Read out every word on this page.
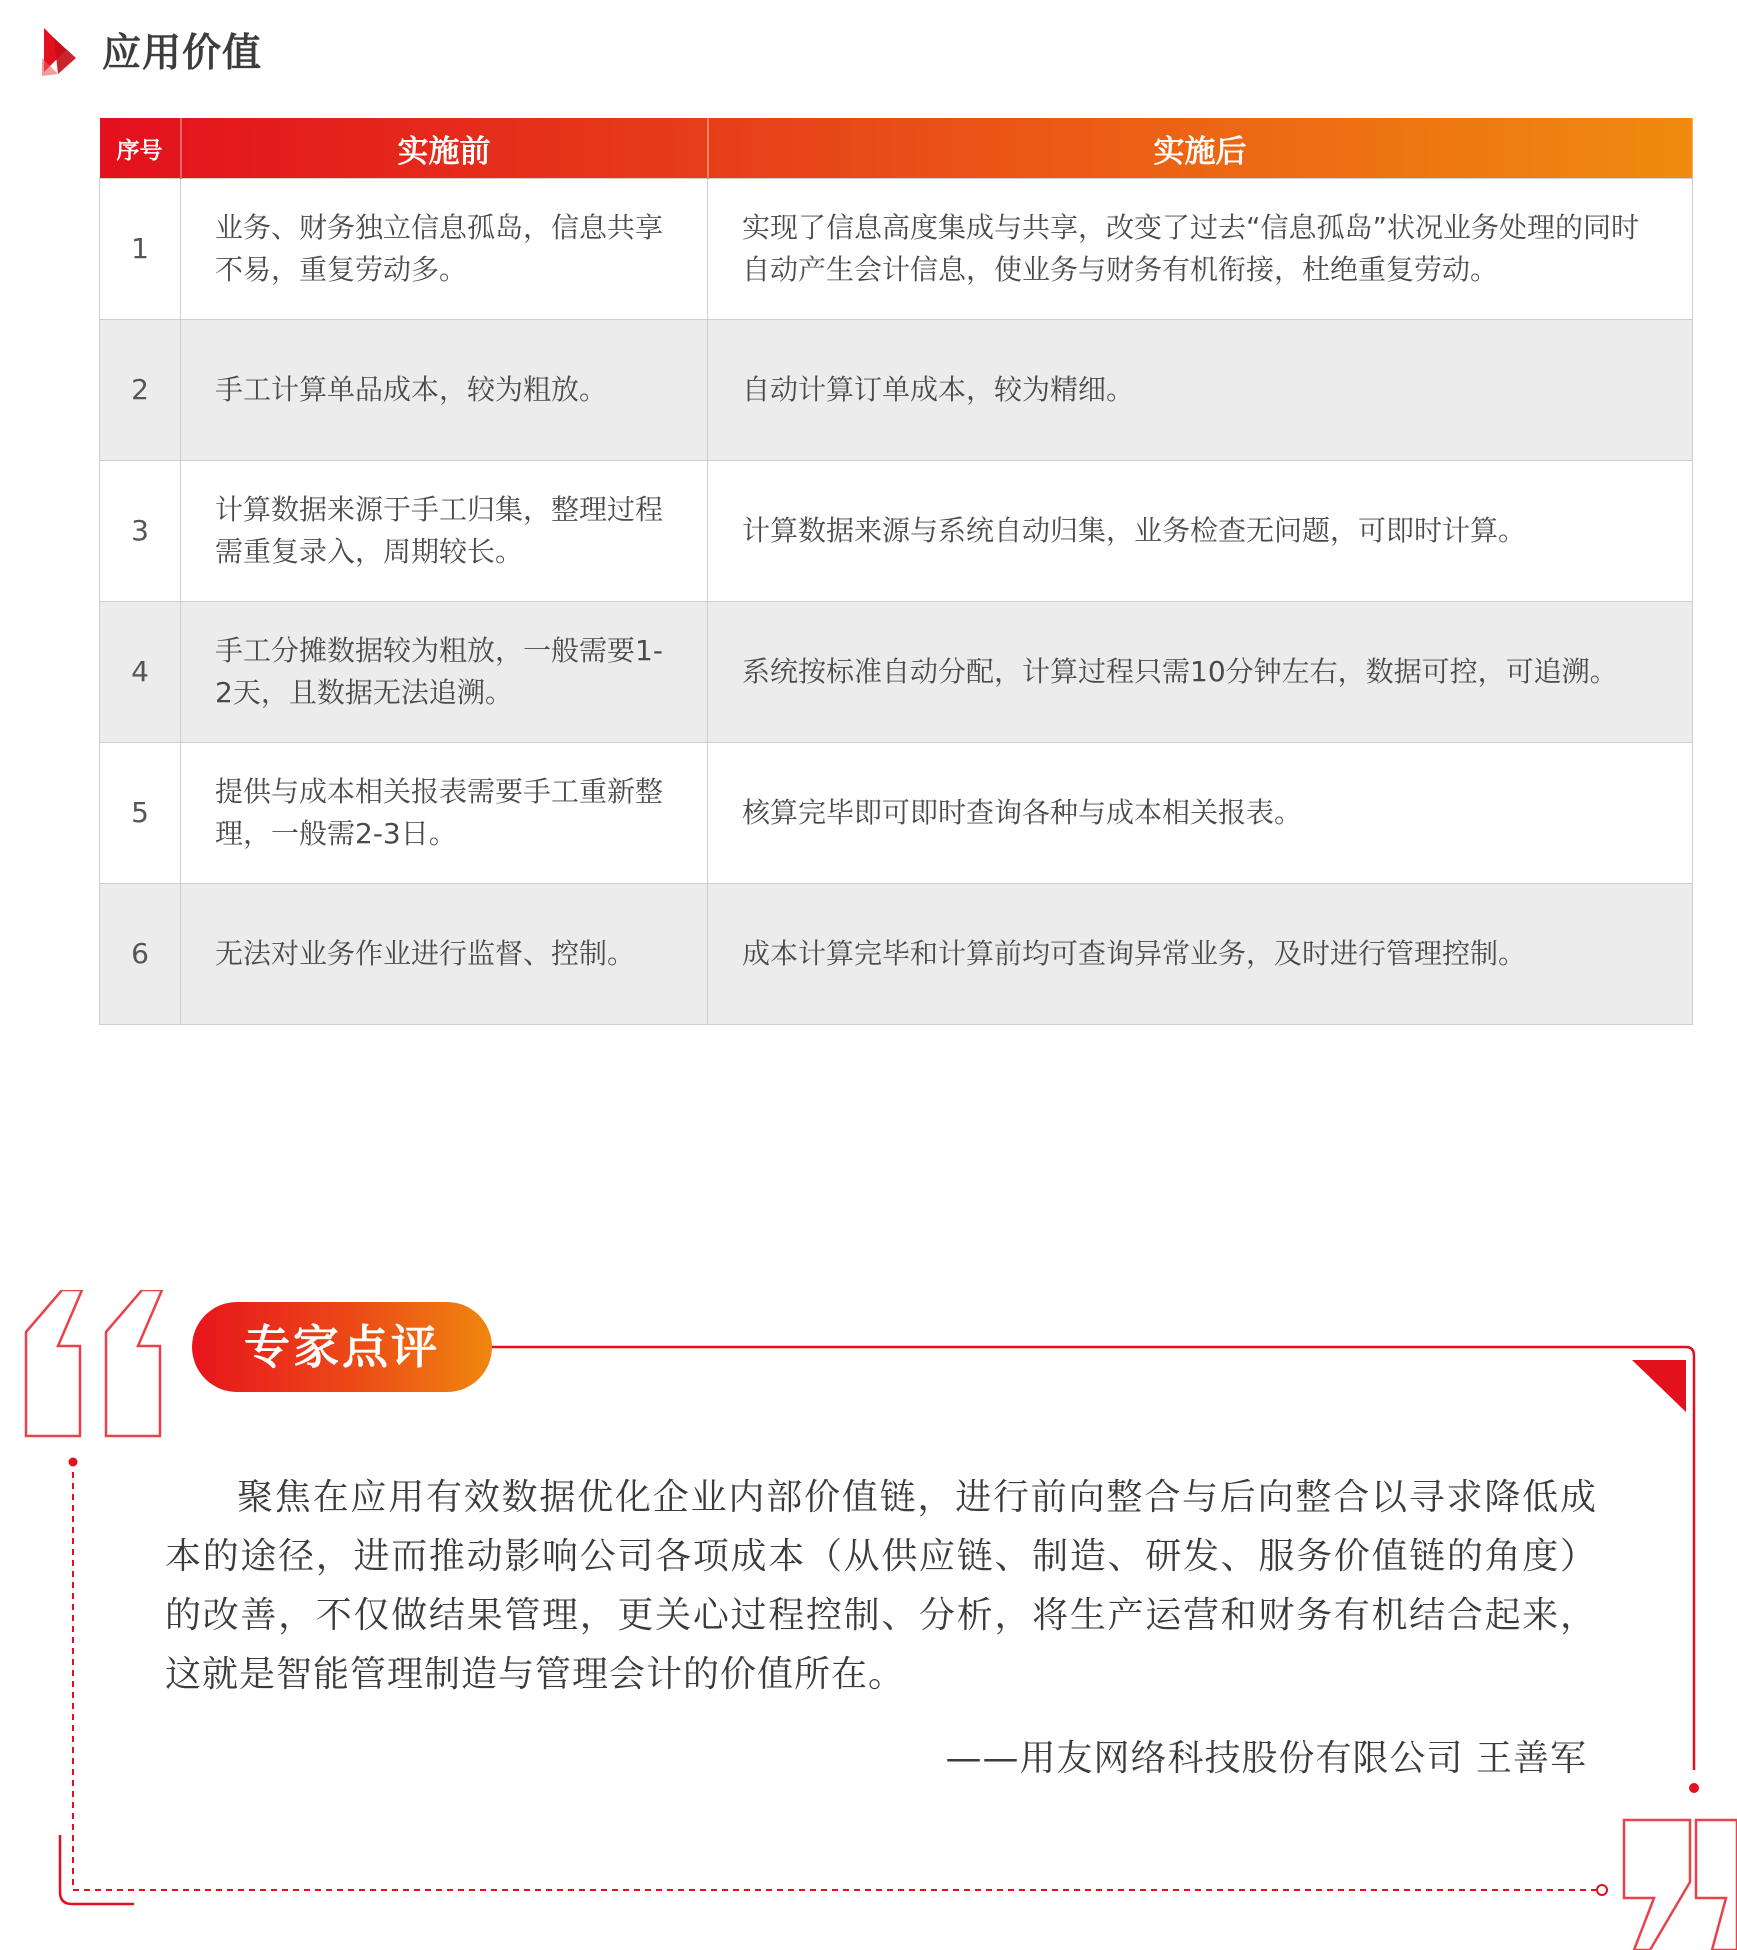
应用价值
序号	实施前	实施后
1	业务、财务独立信息孤岛，信息共享不易，重复劳动多。	实现了信息高度集成与共享，改变了过去“信息孤岛”状况业务处理的同时自动产生会计信息，使业务与财务有机衔接，杜绝重复劳动。
2	手工计算单品成本，较为粗放。	自动计算订单成本，较为精细。
3	计算数据来源于手工归集，整理过程需重复录入，周期较长。	计算数据来源与系统自动归集，业务检查无问题，可即时计算。
4	手工分摊数据较为粗放，一般需要1-2天，且数据无法追溯。	系统按标准自动分配，计算过程只需10分钟左右，数据可控，可追溯。
5	提供与成本相关报表需要手工重新整理，一般需2-3日。	核算完毕即可即时查询各种与成本相关报表。
6	无法对业务作业进行监督、控制。	成本计算完毕和计算前均可查询异常业务，及时进行管理控制。
专家点评
聚焦在应用有效数据优化企业内部价值链，进行前向整合与后向整合以寻求降低成本的途径，进而推动影响公司各项成本（从供应链、制造、研发、服务价值链的角度）的改善，不仅做结果管理，更关心过程控制、分析，将生产运营和财务有机结合起来，这就是智能管理制造与管理会计的价值所在。
——用友网络科技股份有限公司 王善军
